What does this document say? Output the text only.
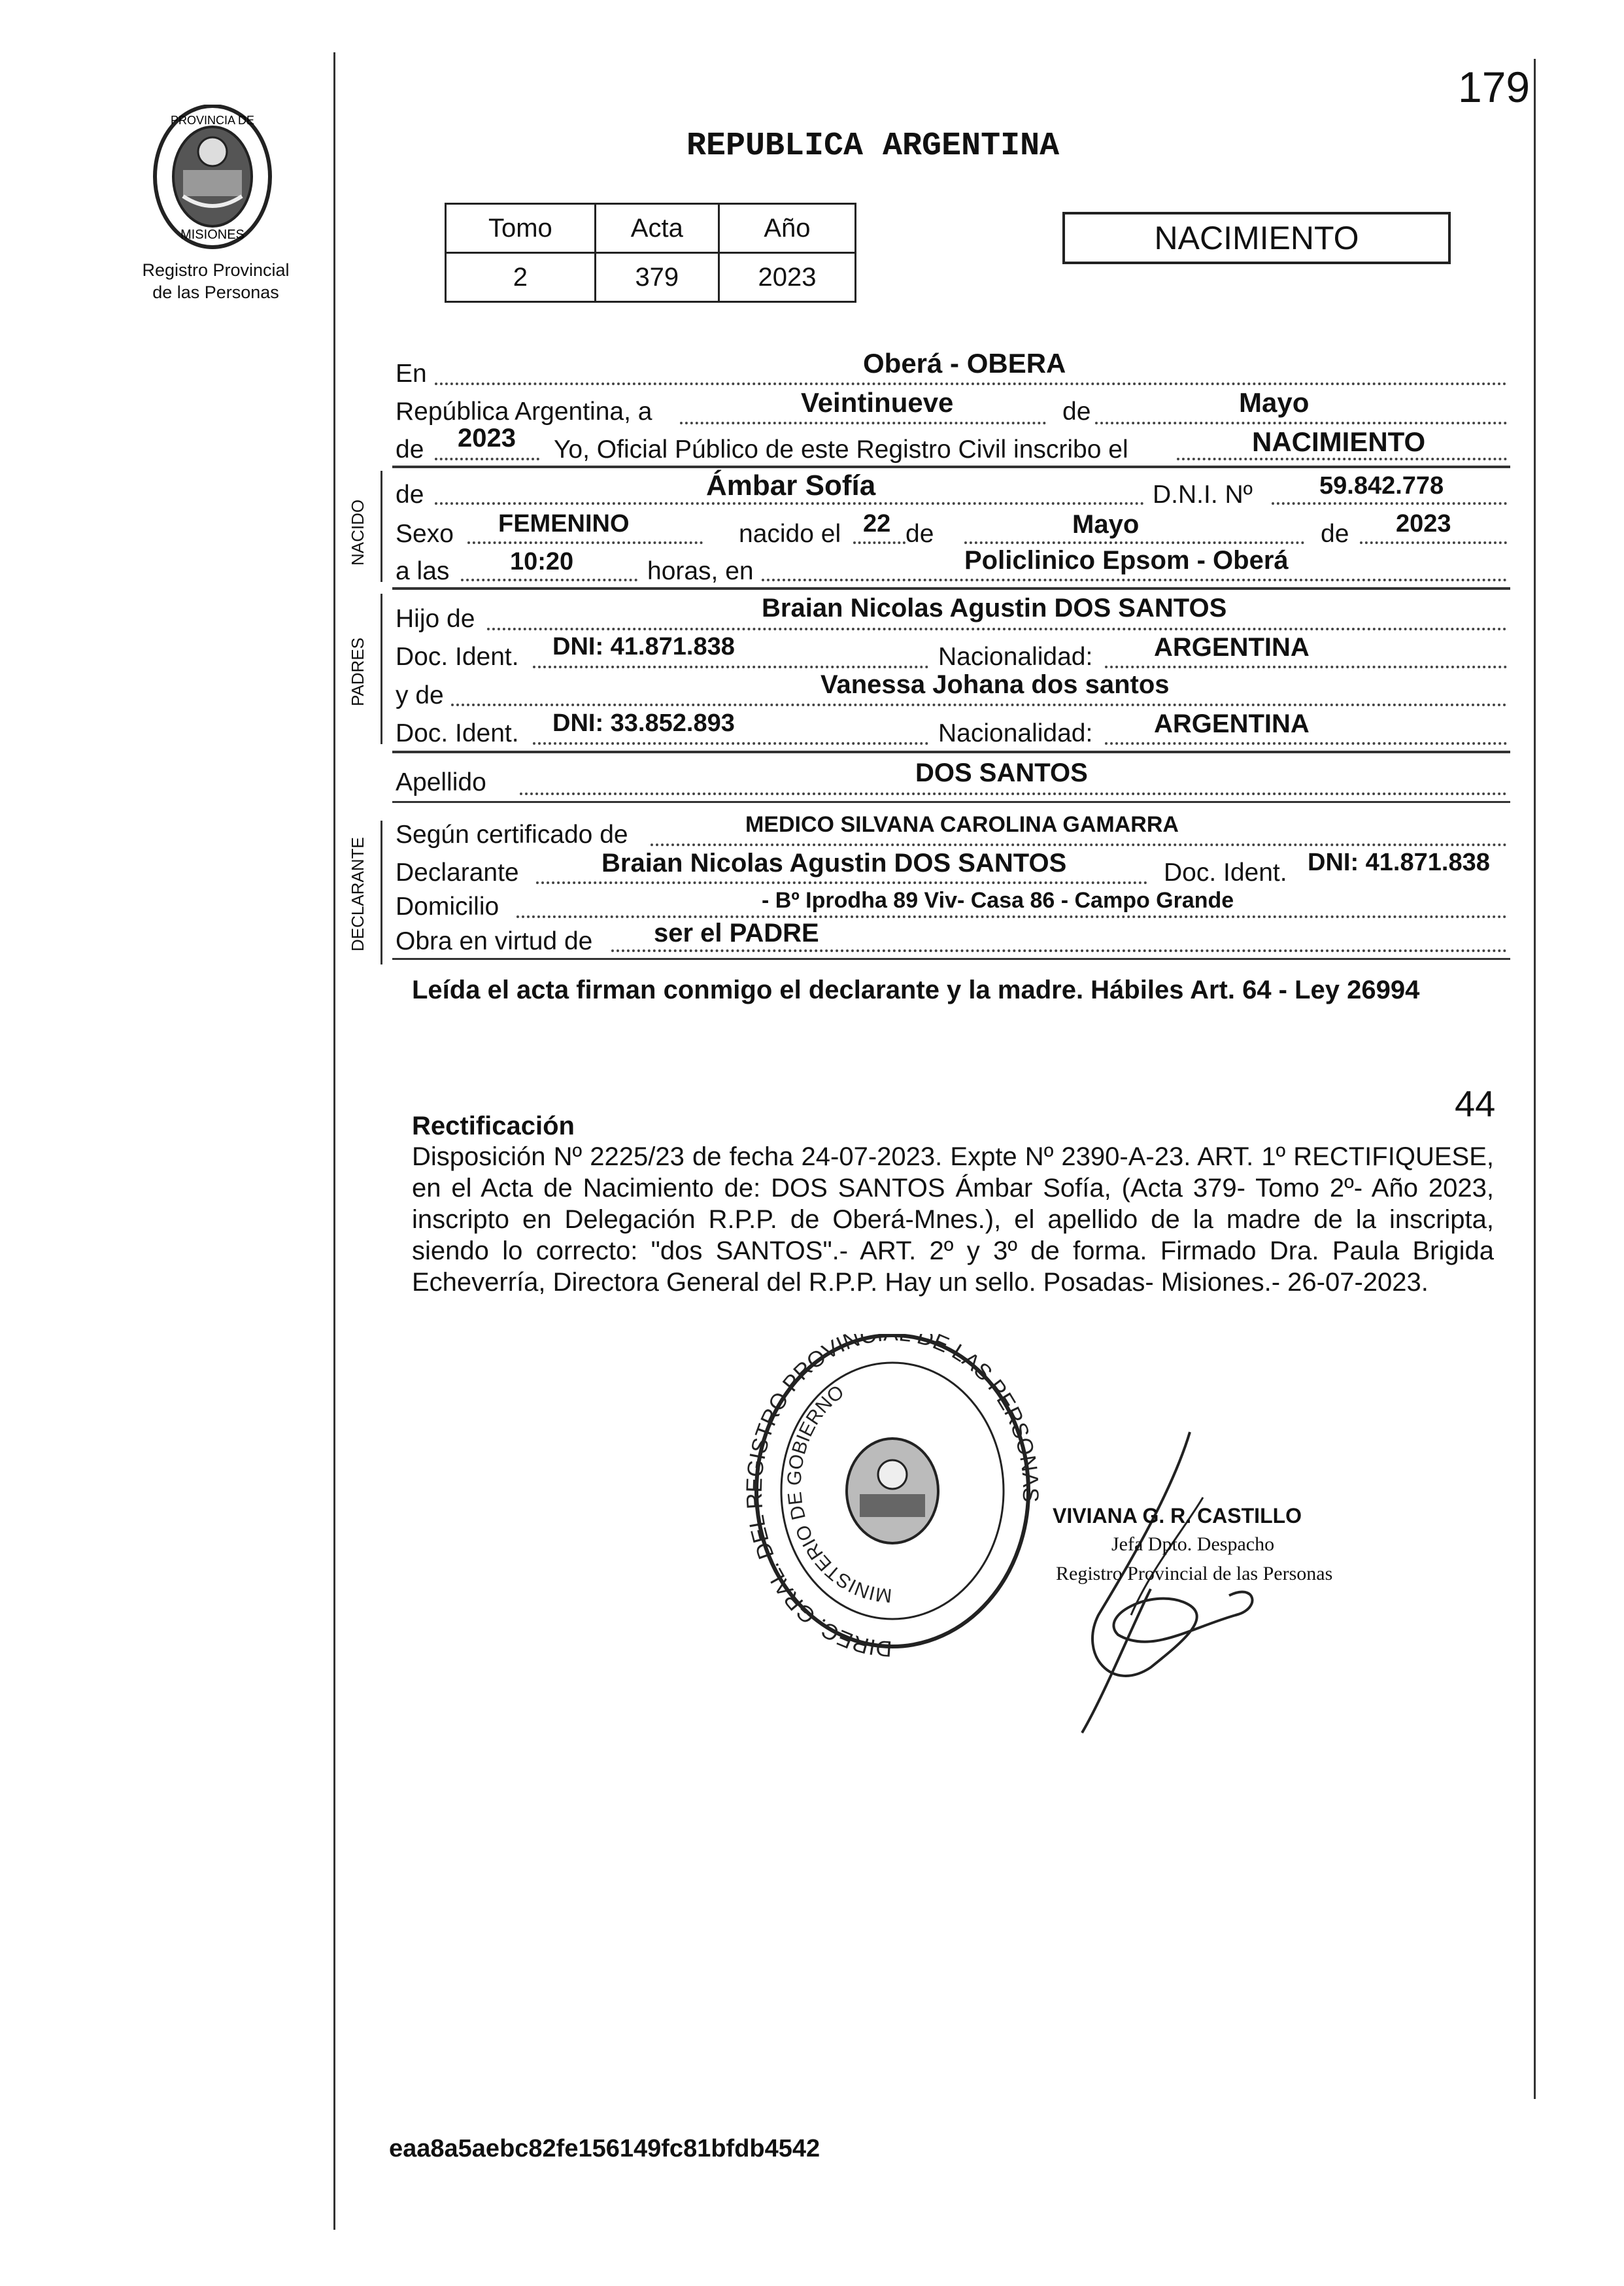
179
PROVINCIA DE
MISIONES
Registro Provincial
de las Personas
REPUBLICA ARGENTINA
Tomo	Acta	Año
2	379	2023
NACIMIENTO
En	Oberá - OBERA
República Argentina, a	Veintinueve	de	Mayo
de 2023 Yo, Oficial Público de este Registro Civil inscribo el	NACIMIENTO
NACIDO
de	Ámbar Sofía	D.N.I. Nº	59.842.778
Sexo FEMENINO	nacido el 22 de	Mayo	de 2023
a las 10:20	horas, en	Policlinico Epsom - Oberá
PADRES
Hijo de	Braian Nicolas Agustin DOS SANTOS
Doc. Ident. DNI: 41.871.838	Nacionalidad: ARGENTINA
y de	Vanessa Johana dos santos
Doc. Ident. DNI: 33.852.893	Nacionalidad: ARGENTINA
Apellido	DOS SANTOS
DECLARANTE
Según certificado de	MEDICO SILVANA CAROLINA GAMARRA
Declarante	Braian Nicolas Agustin DOS SANTOS	Doc. Ident. DNI: 41.871.838
Domicilio	- Bº Iprodha 89 Viv- Casa 86 - Campo Grande
Obra en virtud de ser el PADRE
Leída el acta firman conmigo el declarante y la madre. Hábiles Art. 64 - Ley 26994
44
Rectificación
Disposición Nº 2225/23 de fecha 24-07-2023. Expte Nº 2390-A-23. ART. 1º RECTIFIQUESE, en el Acta de Nacimiento de: DOS SANTOS Ámbar Sofía, (Acta 379- Tomo 2º- Año 2023, inscripto en Delegación R.P.P. de Oberá-Mnes.), el apellido de la madre de la inscripta, siendo lo correcto: "dos SANTOS".- ART. 2º y 3º de forma. Firmado Dra. Paula Brigida Echeverría, Directora General del R.P.P. Hay un sello. Posadas- Misiones.- 26-07-2023.
DIREC. GRAL. DEL REGISTRO PROVINCI DE LAS PERSONAS
MINISTERIO DE GOBIERNO
VIVIANA G. R. CASTILLO
Jefa Dpto. Despacho
Registro Provincial de las Personas
eaa8a5aebc82fe156149fc81bfdb4542
